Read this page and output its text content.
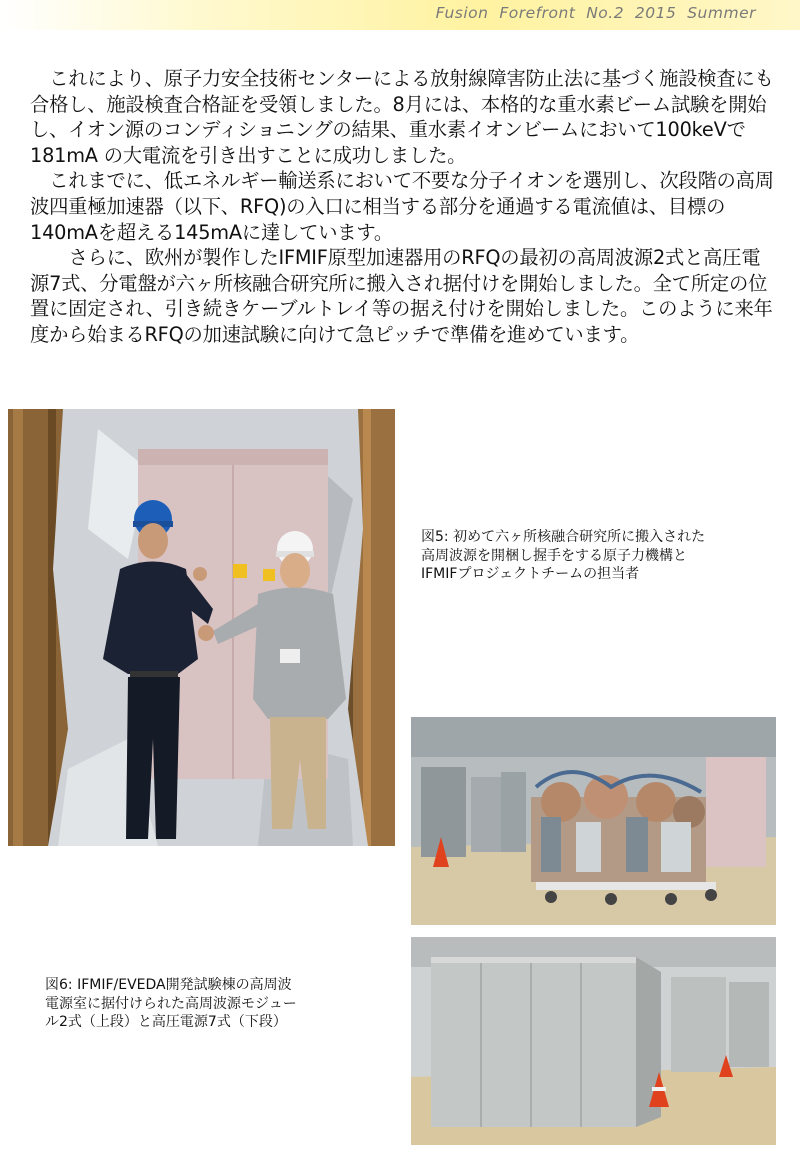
Fusion  Forefront  No.2  2015  Summer

これにより、原子力安全技術センターによる放射線障害防止法に基づく施設検査にも合格し、施設検査合格証を受領しました。8月には、本格的な重水素ビーム試験を開始し、イオン源のコンディショニングの結果、重水素イオンビームにおいて100keVで181mA の大電流を引き出すことに成功しました。

これまでに、低エネルギー輸送系において不要な分子イオンを選別し、次段階の高周波四重極加速器（以下、RFQ)の入口に相当する部分を通過する電流値は、目標の140mAを超える145mAに達しています。

さらに、欧州が製作したIFMIF原型加速器用のRFQの最初の高周波源2式と高圧電源7式、分電盤が六ヶ所核融合研究所に搬入され据付けを開始しました。全て所定の位置に固定され、引き続きケーブルトレイ等の据え付けを開始しました。このように来年度から始まるRFQの加速試験に向けて急ピッチで準備を進めています。

図5: 初めて六ヶ所核融合研究所に搬入された
高周波源を開梱し握手をする原子力機構と
IFMIFプロジェクトチームの担当者
図6: IFMIF/EVEDA開発試験棟の高周波
電源室に据付けられた高周波源モジュー
ル2式（上段）と高圧電源7式（下段）
